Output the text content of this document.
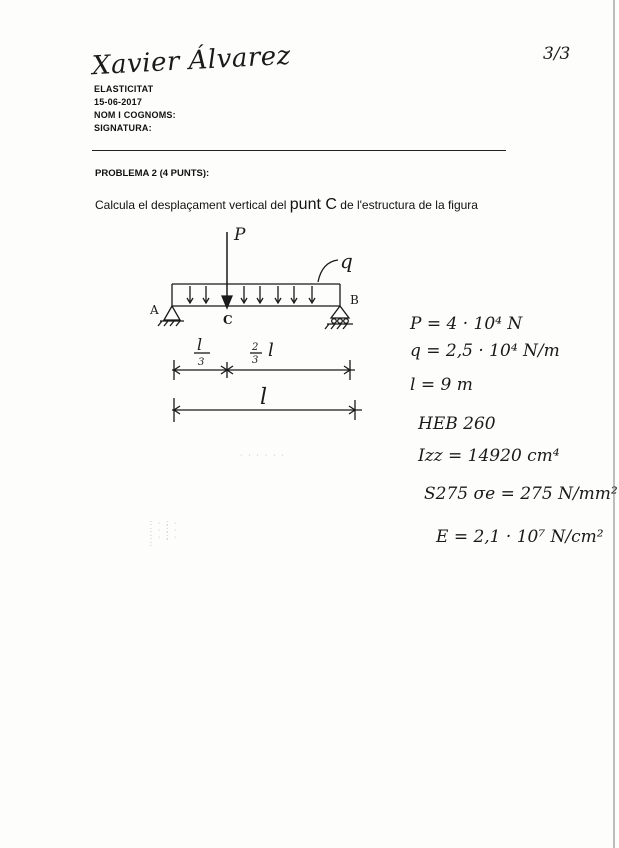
Xavier Álvarez	3/3
ELASTICITAT
15-06-2017
NOM I COGNOMS:
SIGNATURA:
PROBLEMA 2 (4 PUNTS):
Calcula el desplaçament vertical del punt C de l'estructura de la figura
P
q
A
B
C
l
3
2
3 l
l
P = 4 · 10⁴ N
q = 2,5 · 10⁴ N/m
l = 9 m
HEB 260
Izz = 14920 cm⁴
S275 σe = 275 N/mm²
E = 2,1 · 10⁷ N/cm²
· · · · · ·
: · ; · : · ; · : · ; · :
